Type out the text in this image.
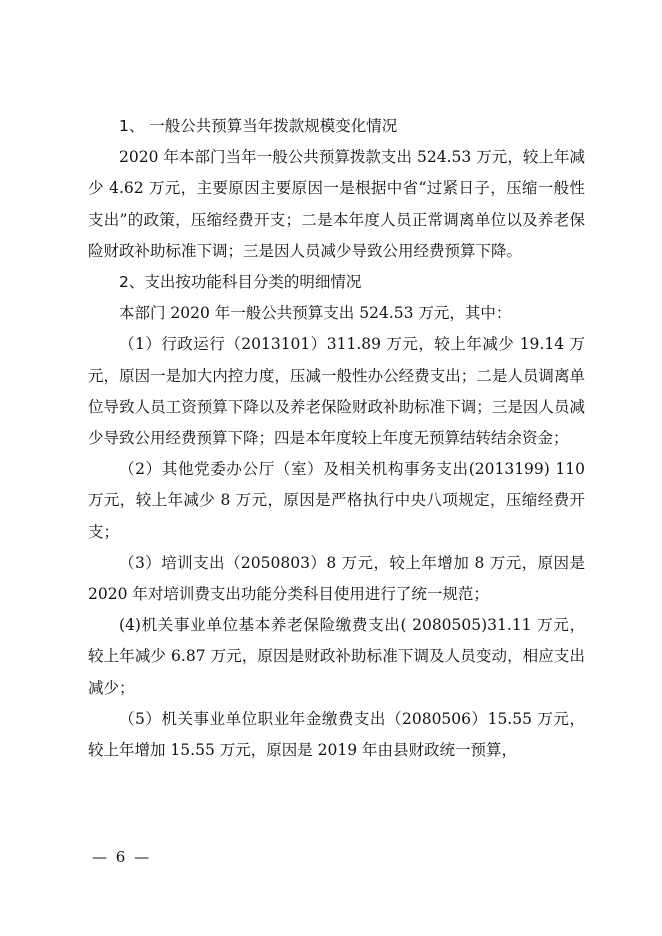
1、 一般公共预算当年拨款规模变化情况

2020 年本部门当年一般公共预算拨款支出 524.53 万元，较上年减少 4.62 万元，主要原因主要原因一是根据中省“过紧日子，压缩一般性支出”的政策，压缩经费开支；二是本年度人员正常调离单位以及养老保险财政补助标准下调；三是因人员减少导致公用经费预算下降。

2、支出按功能科目分类的明细情况

本部门 2020 年一般公共预算支出 524.53 万元，其中：

（1）行政运行（2013101）311.89 万元，较上年减少 19.14 万元，原因一是加大内控力度，压减一般性办公经费支出；二是人员调离单位导致人员工资预算下降以及养老保险财政补助标准下调；三是因人员减少导致公用经费预算下降；四是本年度较上年度无预算结转结余资金；

（2）其他党委办公厅（室）及相关机构事务支出(2013199) 110 万元，较上年减少 8 万元，原因是严格执行中央八项规定，压缩经费开支；

（3）培训支出（2050803）8 万元，较上年增加 8 万元，原因是 2020 年对培训费支出功能分类科目使用进行了统一规范；

(4)机关事业单位基本养老保险缴费支出( 2080505)31.11 万元，较上年减少 6.87 万元，原因是财政补助标准下调及人员变动，相应支出减少；

（5）机关事业单位职业年金缴费支出（2080506）15.55 万元，较上年增加 15.55 万元，原因是 2019 年由县财政统一预算，

— 6 —
